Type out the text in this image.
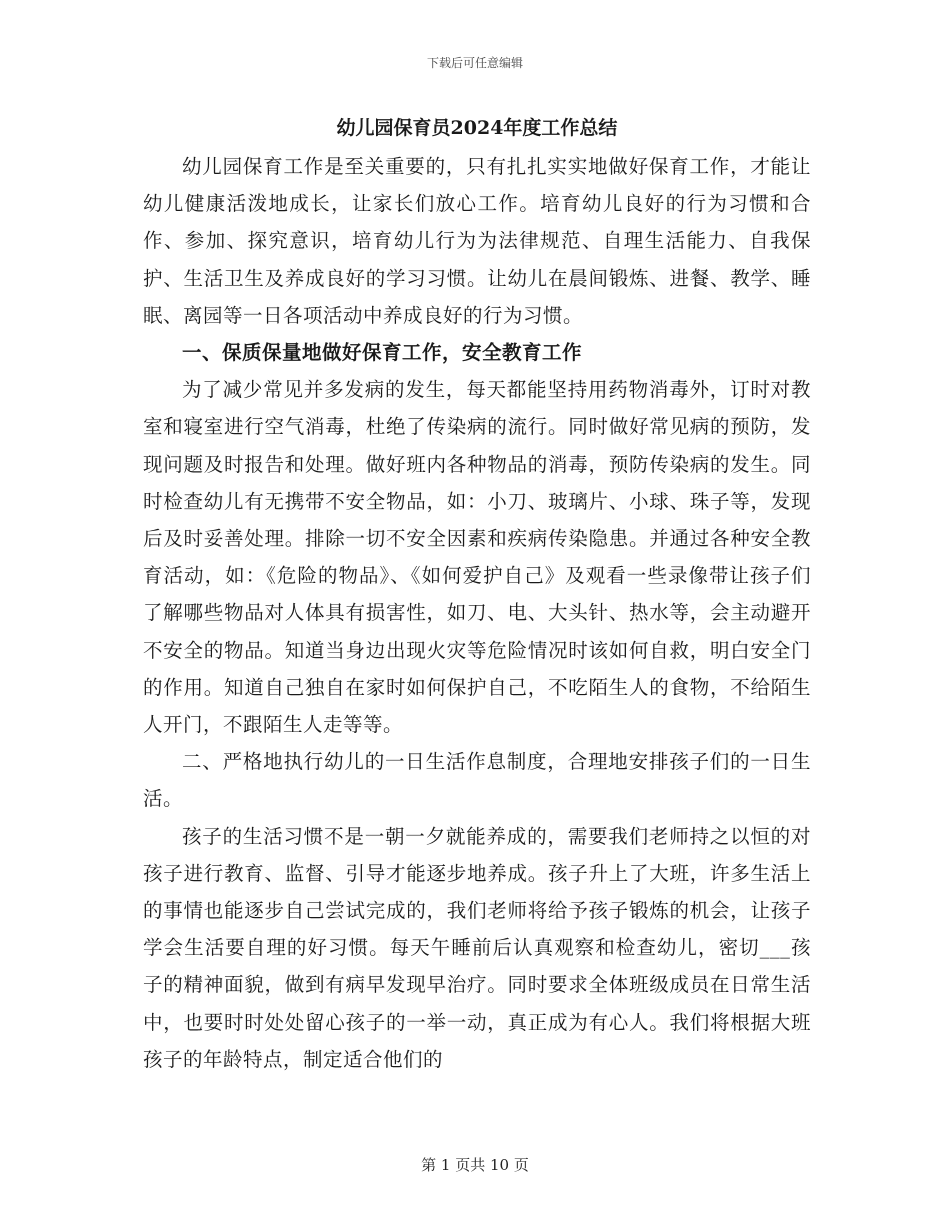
下载后可任意编辑
幼儿园保育员2024年度工作总结

幼儿园保育工作是至关重要的，只有扎扎实实地做好保育工作，才能让幼儿健康活泼地成长，让家长们放心工作。培育幼儿良好的行为习惯和合作、参加、探究意识，培育幼儿行为为法律规范、自理生活能力、自我保护、生活卫生及养成良好的学习习惯。让幼儿在晨间锻炼、进餐、教学、睡眠、离园等一日各项活动中养成良好的行为习惯。

一、保质保量地做好保育工作，安全教育工作

为了减少常见并多发病的发生，每天都能坚持用药物消毒外，订时对教室和寝室进行空气消毒，杜绝了传染病的流行。同时做好常见病的预防，发现问题及时报告和处理。做好班内各种物品的消毒，预防传染病的发生。同时检查幼儿有无携带不安全物品，如：小刀、玻璃片、小球、珠子等，发现后及时妥善处理。排除一切不安全因素和疾病传染隐患。并通过各种安全教育活动，如：《危险的物品》、《如何爱护自己》及观看一些录像带让孩子们了解哪些物品对人体具有损害性，如刀、电、大头针、热水等，会主动避开不安全的物品。知道当身边出现火灾等危险情况时该如何自救，明白安全门的作用。知道自己独自在家时如何保护自己，不吃陌生人的食物，不给陌生人开门，不跟陌生人走等等。

二、严格地执行幼儿的一日生活作息制度，合理地安排孩子们的一日生活。

孩子的生活习惯不是一朝一夕就能养成的，需要我们老师持之以恒的对孩子进行教育、监督、引导才能逐步地养成。孩子升上了大班，许多生活上的事情也能逐步自己尝试完成的，我们老师将给予孩子锻炼的机会，让孩子学会生活要自理的好习惯。每天午睡前后认真观察和检查幼儿，密切___孩子的精神面貌，做到有病早发现早治疗。同时要求全体班级成员在日常生活中，也要时时处处留心孩子的一举一动，真正成为有心人。我们将根据大班孩子的年龄特点，制定适合他们的

第 1 页共 10 页
